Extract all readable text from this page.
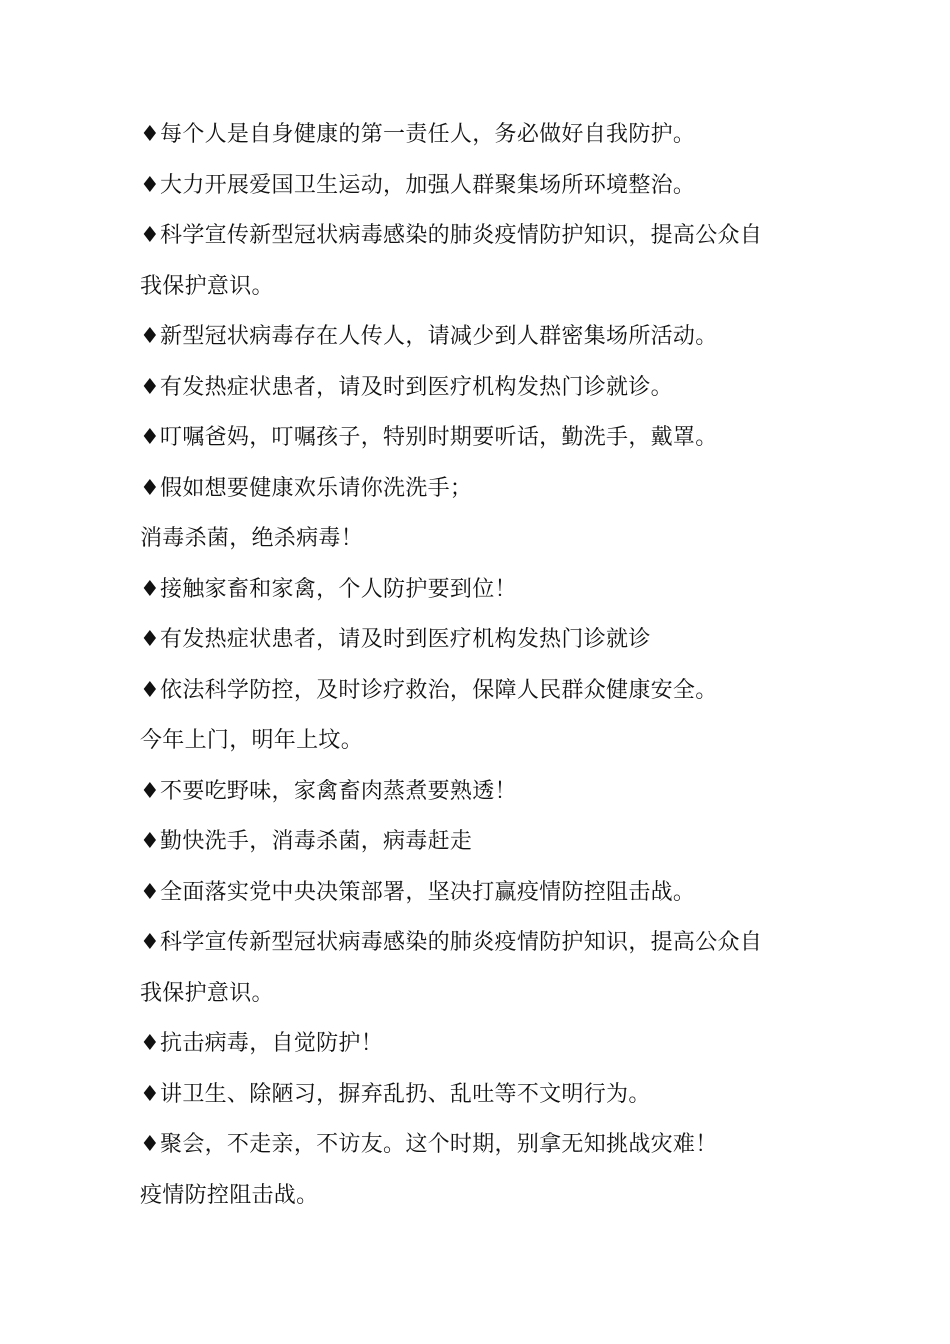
♦每个人是自身健康的第一责任人，务必做好自我防护。
♦大力开展爱国卫生运动，加强人群聚集场所环境整治。
♦科学宣传新型冠状病毒感染的肺炎疫情防护知识，提高公众自
我保护意识。
♦新型冠状病毒存在人传人，请减少到人群密集场所活动。
♦有发热症状患者，请及时到医疗机构发热门诊就诊。
♦叮嘱爸妈，叮嘱孩子，特别时期要听话，勤洗手，戴罩。
♦假如想要健康欢乐请你洗洗手；
消毒杀菌，绝杀病毒！
♦接触家畜和家禽，个人防护要到位！
♦有发热症状患者，请及时到医疗机构发热门诊就诊
♦依法科学防控，及时诊疗救治，保障人民群众健康安全。
今年上门，明年上坟。
♦不要吃野味，家禽畜肉蒸煮要熟透！
♦勤快洗手，消毒杀菌，病毒赶走
♦全面落实党中央决策部署，坚决打赢疫情防控阻击战。
♦科学宣传新型冠状病毒感染的肺炎疫情防护知识，提高公众自
我保护意识。
♦抗击病毒，自觉防护！
♦讲卫生、除陋习，摒弃乱扔、乱吐等不文明行为。
♦聚会，不走亲，不访友。这个时期，别拿无知挑战灾难！
疫情防控阻击战。
